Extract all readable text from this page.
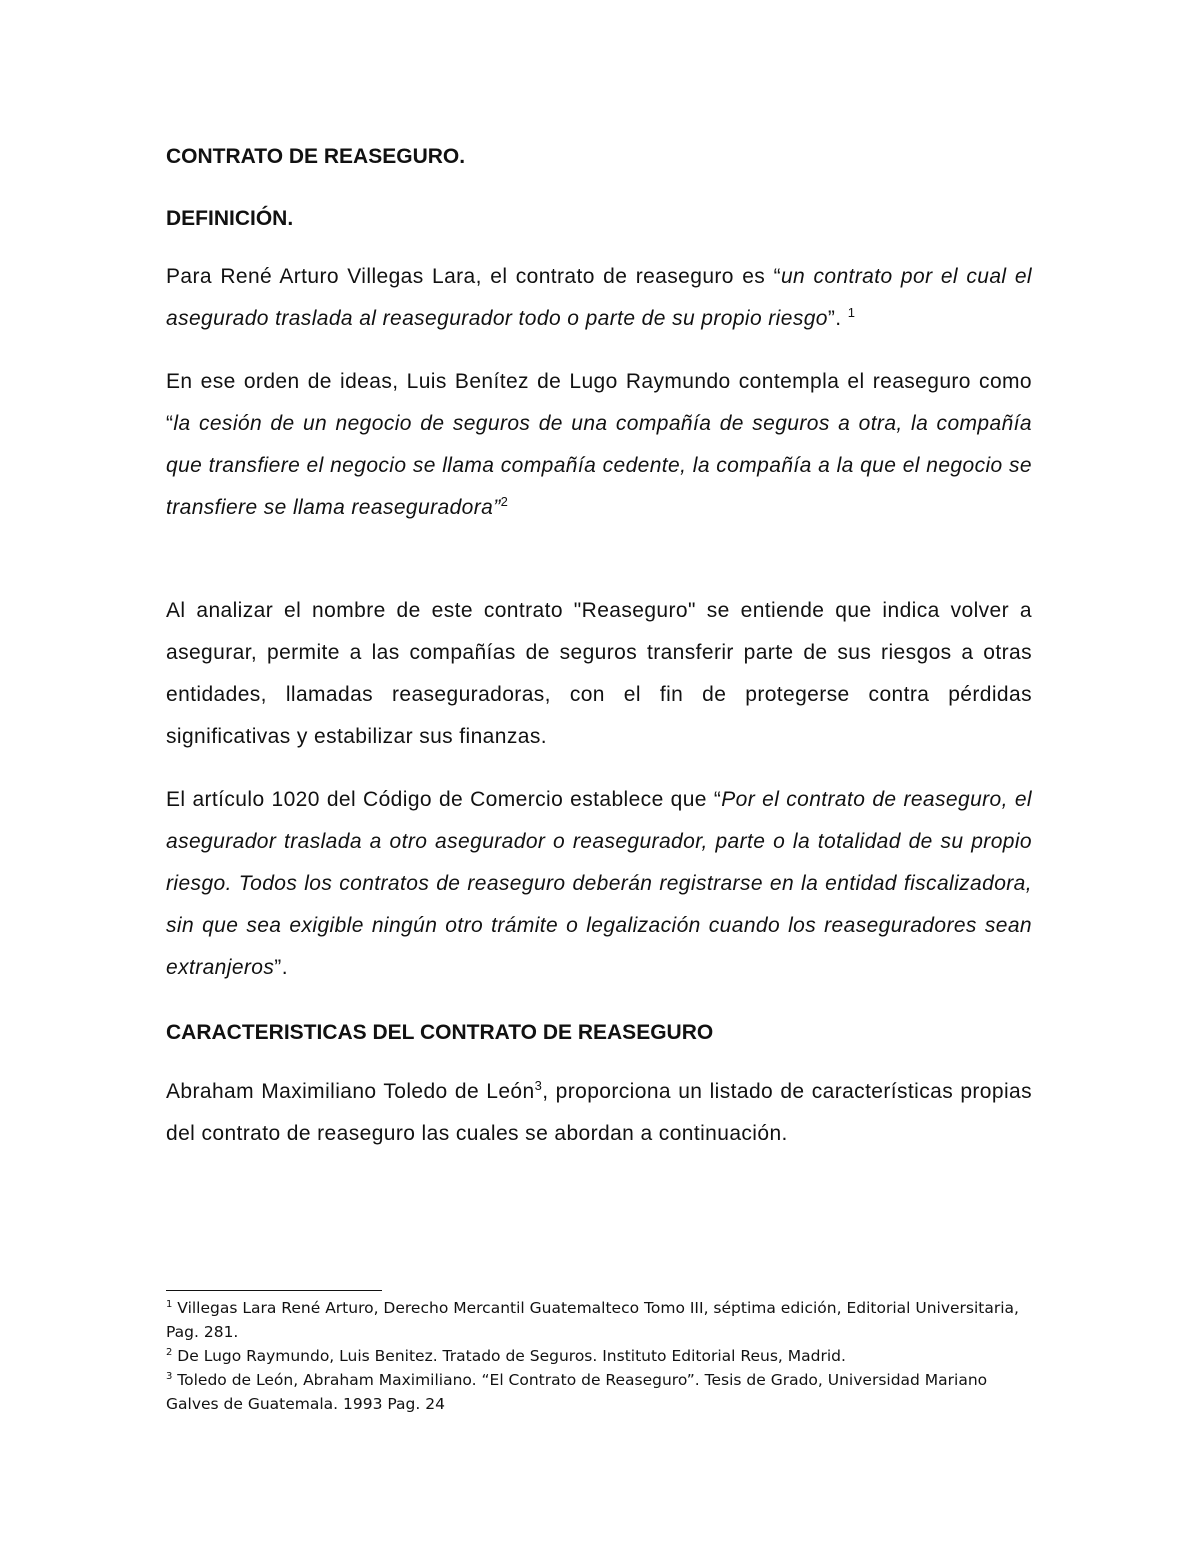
CONTRATO DE REASEGURO.
DEFINICIÓN.

Para René Arturo Villegas Lara, el contrato de reaseguro es “un contrato por el cual el asegurado traslada al reasegurador todo o parte de su propio riesgo”. $^1$

En ese orden de ideas, Luis Benítez de Lugo Raymundo contempla el reaseguro como “la cesión de un negocio de seguros de una compañía de seguros a otra, la compañía que transfiere el negocio se llama compañía cedente, la compañía a la que el negocio se transfiere se llama reaseguradora”$^2$

Al analizar el nombre de este contrato "Reaseguro" se entiende que indica volver a asegurar, permite a las compañías de seguros transferir parte de sus riesgos a otras entidades, llamadas reaseguradoras, con el fin de protegerse contra pérdidas significativas y estabilizar sus finanzas.

El artículo 1020 del Código de Comercio establece que “Por el contrato de reaseguro, el asegurador traslada a otro asegurador o reasegurador, parte o la totalidad de su propio riesgo. Todos los contratos de reaseguro deberán registrarse en la entidad fiscalizadora, sin que sea exigible ningún otro trámite o legalización cuando los reaseguradores sean extranjeros”.

CARACTERISTICAS DEL CONTRATO DE REASEGURO

Abraham Maximiliano Toledo de León$^3$, proporciona un listado de características propias del contrato de reaseguro las cuales se abordan a continuación.

$^1$ Villegas Lara René Arturo, Derecho Mercantil Guatemalteco Tomo III, séptima edición, Editorial Universitaria, Pag. 281.

$^2$ De Lugo Raymundo, Luis Benitez. Tratado de Seguros. Instituto Editorial Reus, Madrid.

$^3$ Toledo de León, Abraham Maximiliano. “El Contrato de Reaseguro”. Tesis de Grado, Universidad Mariano Galves de Guatemala. 1993 Pag. 24
